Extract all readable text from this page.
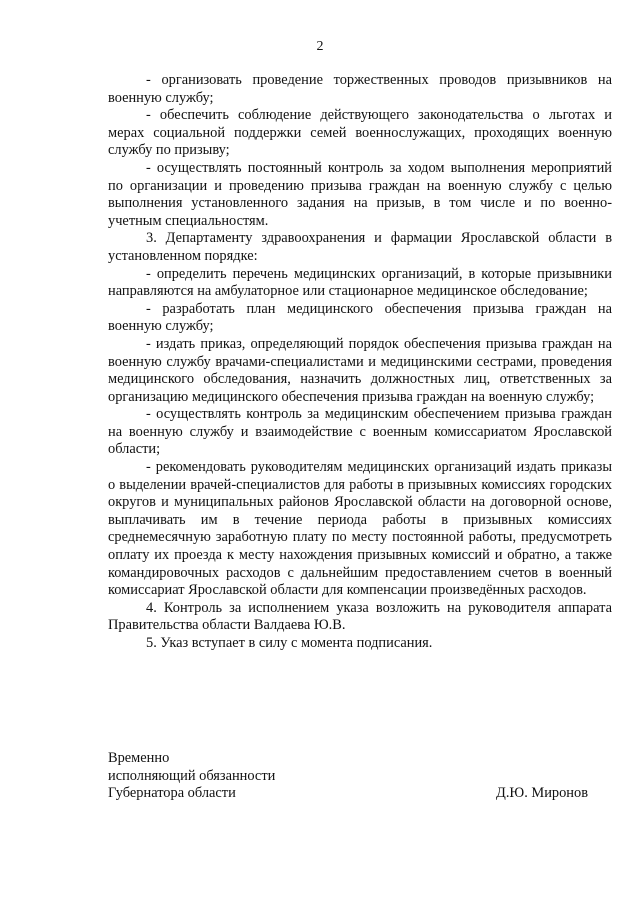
2

- организовать проведение торжественных проводов призывников на военную службу;

- обеспечить соблюдение действующего законодательства о льготах и мерах социальной поддержки семей военнослужащих, проходящих военную службу по призыву;

- осуществлять постоянный контроль за ходом выполнения мероприятий по организации и проведению призыва граждан на военную службу с целью выполнения установленного задания на призыв, в том числе и по военно-учетным специальностям.

3. Департаменту здравоохранения и фармации Ярославской области в установленном порядке:

- определить перечень медицинских организаций, в которые призывники направляются на амбулаторное или стационарное медицинское обследование;

- разработать план медицинского обеспечения призыва граждан на военную службу;

- издать приказ, определяющий порядок обеспечения призыва граждан на военную службу врачами-специалистами и медицинскими сестрами, проведения медицинского обследования, назначить должностных лиц, ответственных за организацию медицинского обеспечения призыва граждан на военную службу;

- осуществлять контроль за медицинским обеспечением призыва граждан на военную службу и взаимодействие с военным комиссариатом Ярославской области;

- рекомендовать руководителям медицинских организаций издать приказы о выделении врачей-специалистов для работы в призывных комиссиях городских округов и муниципальных районов Ярославской области на договорной основе, выплачивать им в течение периода работы в призывных комиссиях среднемесячную заработную плату по месту постоянной работы, предусмотреть оплату их проезда к месту нахождения призывных комиссий и обратно, а также командировочных расходов с дальнейшим предоставлением счетов в военный комиссариат Ярославской области для компенсации произведённых расходов.

4. Контроль за исполнением указа возложить на руководителя аппарата Правительства области Валдаева Ю.В.

5. Указ вступает в силу с момента подписания.

Временно
исполняющий обязанности
Губернатора области	Д.Ю. Миронов
